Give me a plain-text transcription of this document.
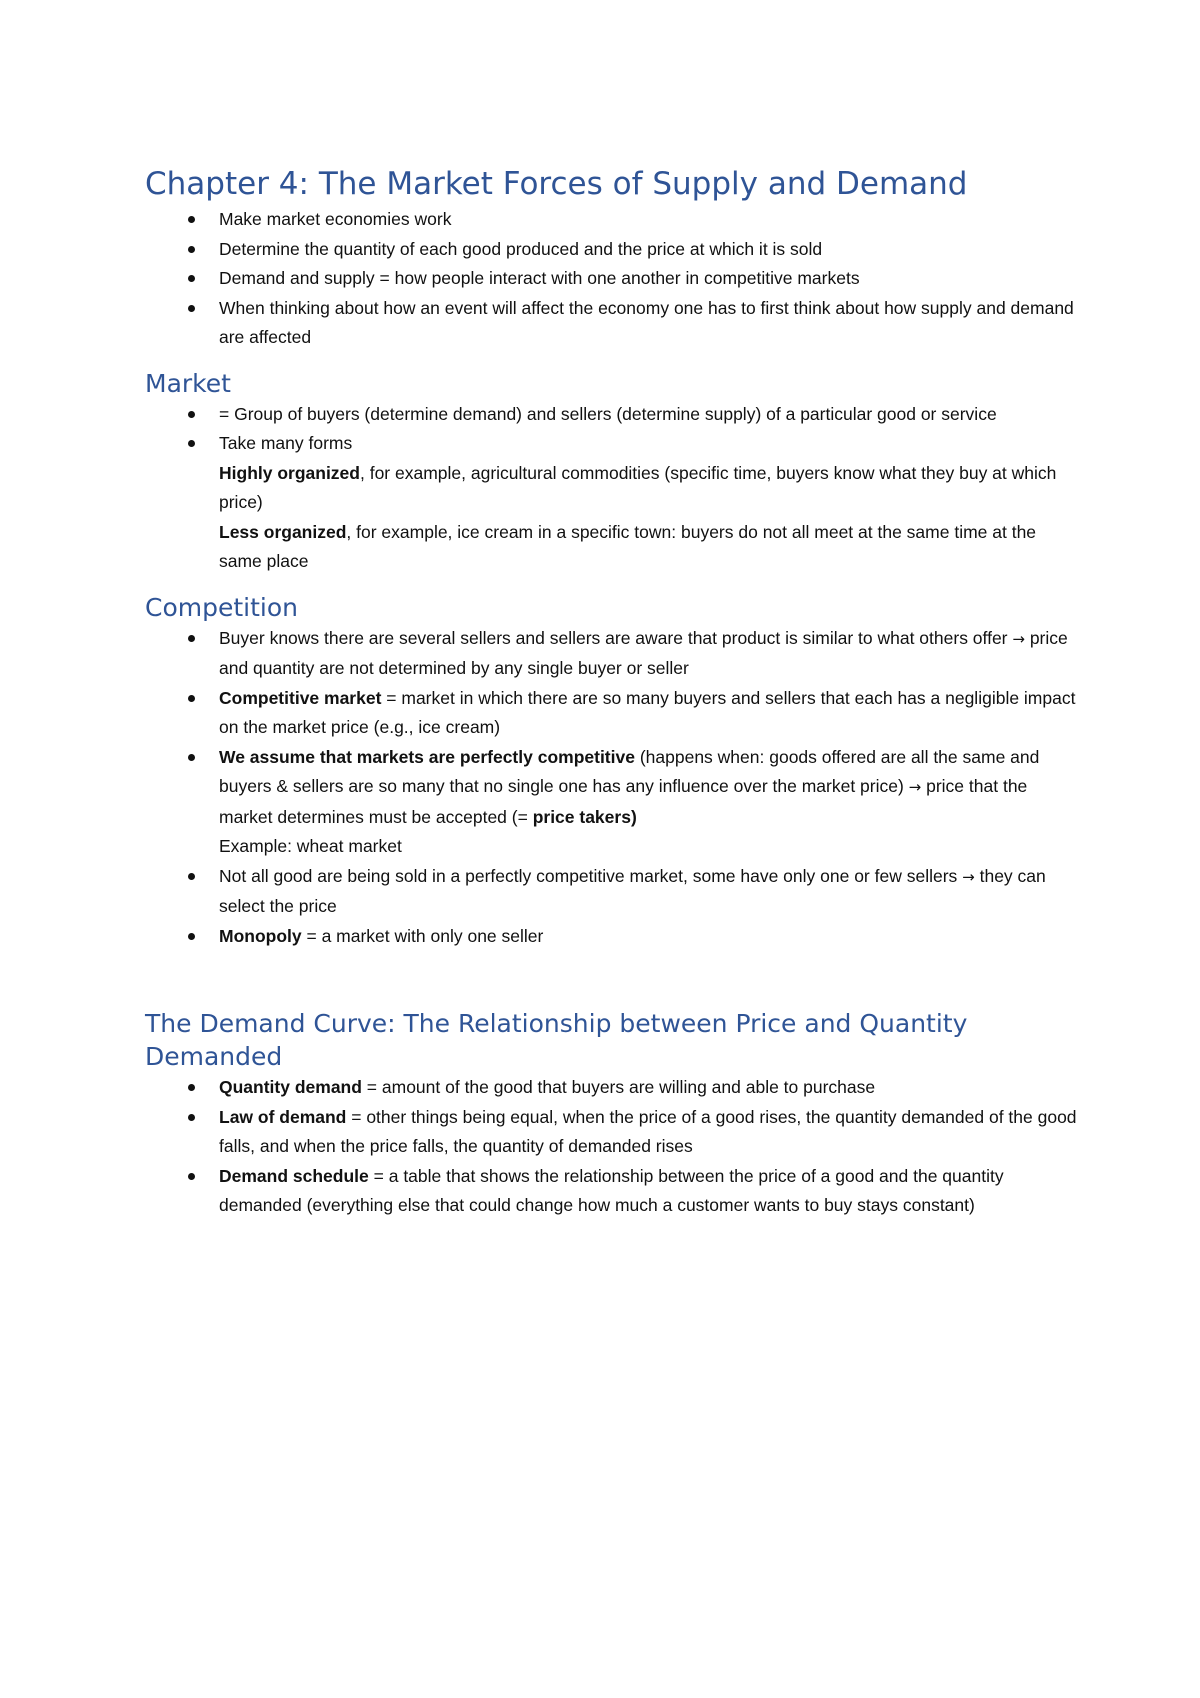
Chapter 4: The Market Forces of Supply and Demand
Make market economies work
Determine the quantity of each good produced and the price at which it is sold
Demand and supply = how people interact with one another in competitive markets
When thinking about how an event will affect the economy one has to first think about how supply and demand are affected
Market
= Group of buyers (determine demand) and sellers (determine supply) of a particular good or service
Take many forms
Highly organized, for example, agricultural commodities (specific time, buyers know what they buy at which price)
Less organized, for example, ice cream in a specific town: buyers do not all meet at the same time at the same place
Competition
Buyer knows there are several sellers and sellers are aware that product is similar to what others offer → price and quantity are not determined by any single buyer or seller
Competitive market = market in which there are so many buyers and sellers that each has a negligible impact on the market price (e.g., ice cream)
We assume that markets are perfectly competitive (happens when: goods offered are all the same and buyers & sellers are so many that no single one has any influence over the market price) → price that the market determines must be accepted (= price takers)
Example: wheat market
Not all good are being sold in a perfectly competitive market, some have only one or few sellers → they can select the price
Monopoly = a market with only one seller
The Demand Curve: The Relationship between Price and Quantity Demanded
Quantity demand = amount of the good that buyers are willing and able to purchase
Law of demand = other things being equal, when the price of a good rises, the quantity demanded of the good falls, and when the price falls, the quantity of demanded rises
Demand schedule = a table that shows the relationship between the price of a good and the quantity demanded (everything else that could change how much a customer wants to buy stays constant)
